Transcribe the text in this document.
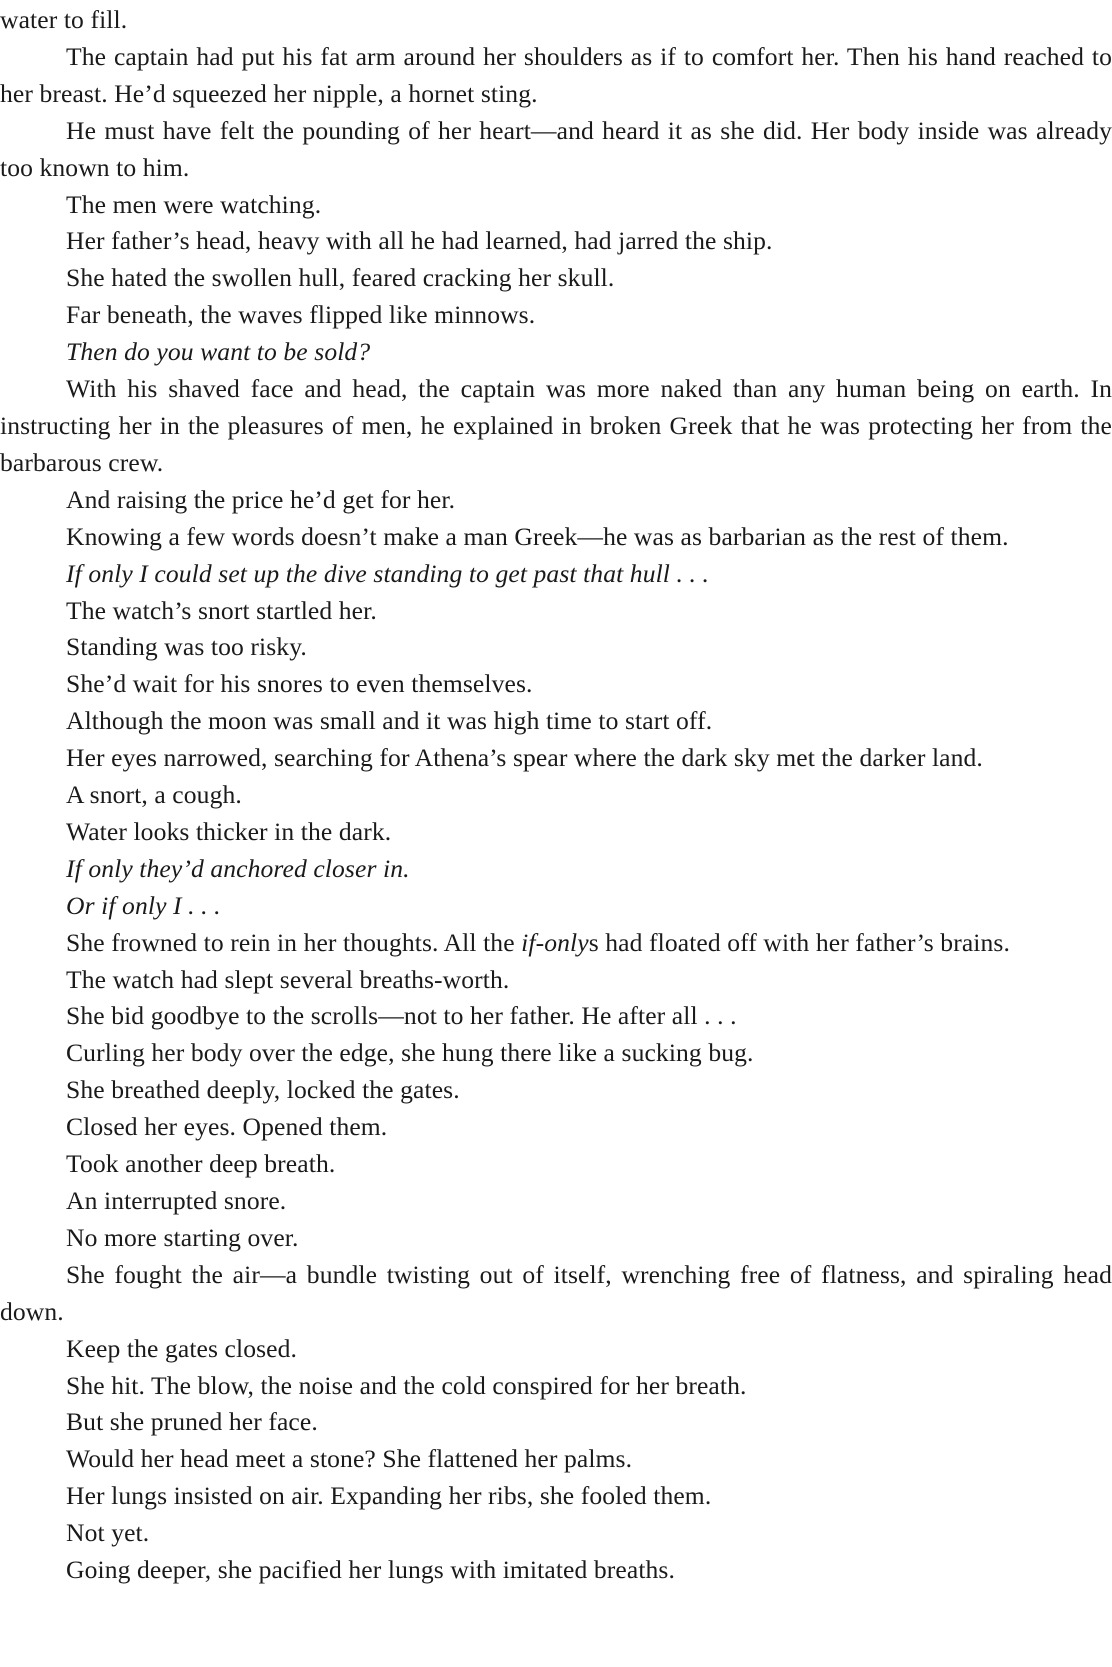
water to fill.

The captain had put his fat arm around her shoulders as if to comfort her. Then his hand reached to her breast. He’d squeezed her nipple, a hornet sting.

He must have felt the pounding of her heart—and heard it as she did. Her body inside was already too known to him.

The men were watching.

Her father’s head, heavy with all he had learned, had jarred the ship.

She hated the swollen hull, feared cracking her skull.

Far beneath, the waves flipped like minnows.

Then do you want to be sold?

With his shaved face and head, the captain was more naked than any human being on earth. In instructing her in the pleasures of men, he explained in broken Greek that he was protecting her from the barbarous crew.

And raising the price he’d get for her.

Knowing a few words doesn’t make a man Greek—he was as barbarian as the rest of them.

If only I could set up the dive standing to get past that hull . . .

The watch’s snort startled her.

Standing was too risky.

She’d wait for his snores to even themselves.

Although the moon was small and it was high time to start off.

Her eyes narrowed, searching for Athena’s spear where the dark sky met the darker land.

A snort, a cough.

Water looks thicker in the dark.

If only they’d anchored closer in.

Or if only I . . .

She frowned to rein in her thoughts. All the if-onlys had floated off with her father’s brains.

The watch had slept several breaths-worth.

She bid goodbye to the scrolls—not to her father. He after all . . .

Curling her body over the edge, she hung there like a sucking bug.

She breathed deeply, locked the gates.

Closed her eyes. Opened them.

Took another deep breath.

An interrupted snore.

No more starting over.

She fought the air—a bundle twisting out of itself, wrenching free of flatness, and spiraling head down.

Keep the gates closed.

She hit. The blow, the noise and the cold conspired for her breath.

But she pruned her face.

Would her head meet a stone? She flattened her palms.

Her lungs insisted on air. Expanding her ribs, she fooled them.

Not yet.

Going deeper, she pacified her lungs with imitated breaths.
